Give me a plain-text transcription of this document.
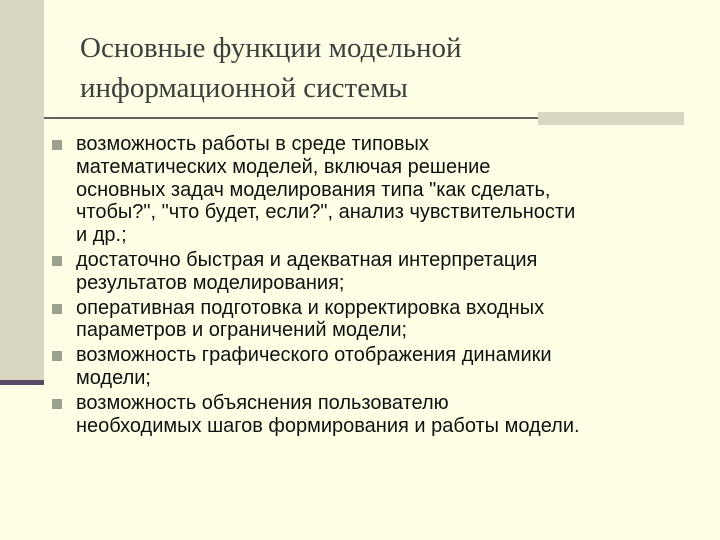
Основные функции модельной
информационной системы
возможность работы в среде типовых
математических моделей, включая решение
основных задач моделирования типа "как сделать,
чтобы?", "что будет, если?", анализ чувствительности
и др.;
достаточно быстрая и адекватная интерпретация
результатов моделирования;
оперативная подготовка и корректировка входных
параметров и ограничений модели;
возможность графического отображения динамики
модели;
возможность объяснения пользователю
необходимых шагов формирования и работы модели.
